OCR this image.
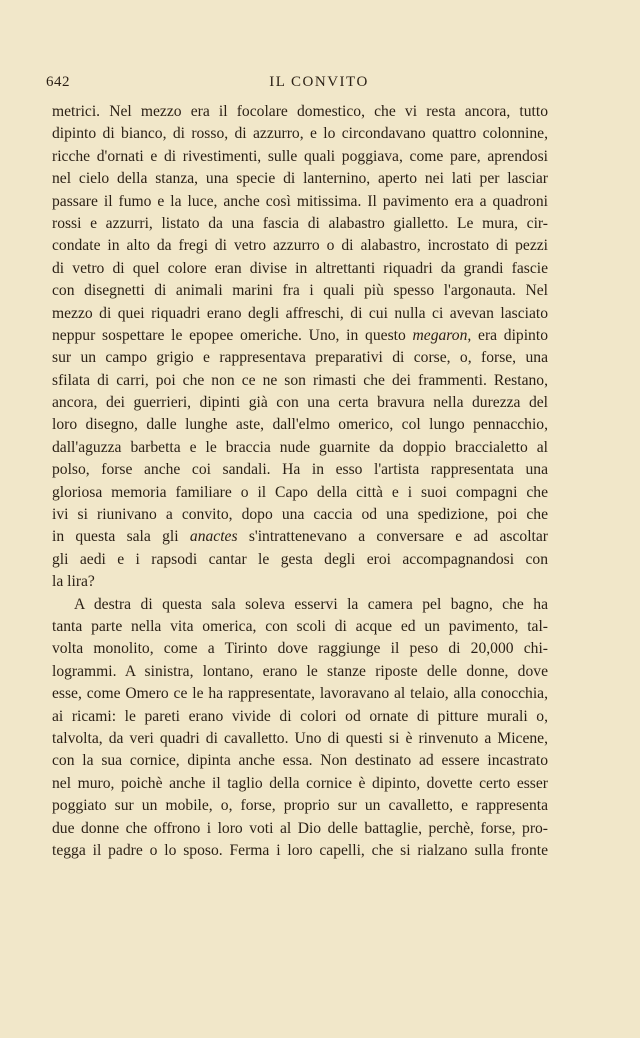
642	IL CONVITO
metrici. Nel mezzo era il focolare domestico, che vi resta ancora, tutto
dipinto di bianco, di rosso, di azzurro, e lo circondavano quattro colonnine,
ricche d'ornati e di rivestimenti, sulle quali poggiava, come pare, aprendosi
nel cielo della stanza, una specie di lanternino, aperto nei lati per lasciar
passare il fumo e la luce, anche così mitissima. Il pavimento era a quadroni
rossi e azzurri, listato da una fascia di alabastro gialletto. Le mura, cir-
condate in alto da fregi di vetro azzurro o di alabastro, incrostato di pezzi
di vetro di quel colore eran divise in altrettanti riquadri da grandi fascie
con disegnetti di animali marini fra i quali più spesso l'argonauta. Nel
mezzo di quei riquadri erano degli affreschi, di cui nulla ci avevan lasciato
neppur sospettare le epopee omeriche. Uno, in questo megaron, era dipinto
sur un campo grigio e rappresentava preparativi di corse, o, forse, una
sfilata di carri, poi che non ce ne son rimasti che dei frammenti. Restano,
ancora, dei guerrieri, dipinti già con una certa bravura nella durezza del
loro disegno, dalle lunghe aste, dall'elmo omerico, col lungo pennacchio,
dall'aguzza barbetta e le braccia nude guarnite da doppio braccialetto al
polso, forse anche coi sandali. Ha in esso l'artista rappresentata una
gloriosa memoria familiare o il Capo della città e i suoi compagni che
ivi si riunivano a convito, dopo una caccia od una spedizione, poi che
in questa sala gli anactes s'intrattenevano a conversare e ad ascoltar
gli aedi e i rapsodi cantar le gesta degli eroi accompagnandosi con
la lira?
A destra di questa sala soleva esservi la camera pel bagno, che ha
tanta parte nella vita omerica, con scoli di acque ed un pavimento, tal-
volta monolito, come a Tirinto dove raggiunge il peso di 20,000 chi-
logrammi. A sinistra, lontano, erano le stanze riposte delle donne, dove
esse, come Omero ce le ha rappresentate, lavoravano al telaio, alla conocchia,
ai ricami: le pareti erano vivide di colori od ornate di pitture murali o,
talvolta, da veri quadri di cavalletto. Uno di questi si è rinvenuto a Micene,
con la sua cornice, dipinta anche essa. Non destinato ad essere incastrato
nel muro, poichè anche il taglio della cornice è dipinto, dovette certo esser
poggiato sur un mobile, o, forse, proprio sur un cavalletto, e rappresenta
due donne che offrono i loro voti al Dio delle battaglie, perchè, forse, pro-
tegga il padre o lo sposo. Ferma i loro capelli, che si rialzano sulla fronte
